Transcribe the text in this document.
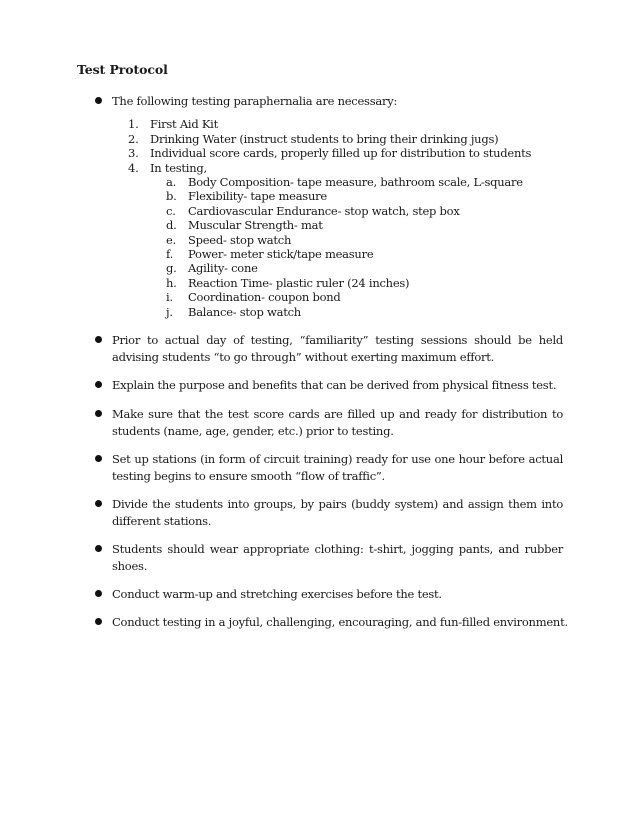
Test Protocol
The following testing paraphernalia are necessary:
1.	First Aid Kit
2.	Drinking Water (instruct students to bring their drinking jugs)
3.	Individual score cards, properly filled up for distribution to students
4.	In testing,
a.	Body Composition- tape measure, bathroom scale, L-square
b. Flexibility- tape measure
c.	Cardiovascular Endurance- stop watch, step box
d. Muscular Strength- mat
e.	Speed- stop watch
f.	Power- meter stick/tape measure
g. Agility- cone
h. Reaction Time- plastic ruler (24 inches)
i.	Coordination- coupon bond
j.	Balance- stop watch
Prior to actual day of testing, “familiarity” testing sessions should be held advising students “to go through” without exerting maximum effort.
Explain the purpose and benefits that can be derived from physical fitness test.
Make sure that the test score cards are filled up and ready for distribution to students (name, age, gender, etc.) prior to testing.
Set up stations (in form of circuit training) ready for use one hour before actual testing begins to ensure smooth “flow of traffic”.
Divide the students into groups, by pairs (buddy system) and assign them into different stations.
Students should wear appropriate clothing: t-shirt, jogging pants, and rubber shoes.
Conduct warm-up and stretching exercises before the test.
Conduct testing in a joyful, challenging, encouraging, and fun-filled environment.
